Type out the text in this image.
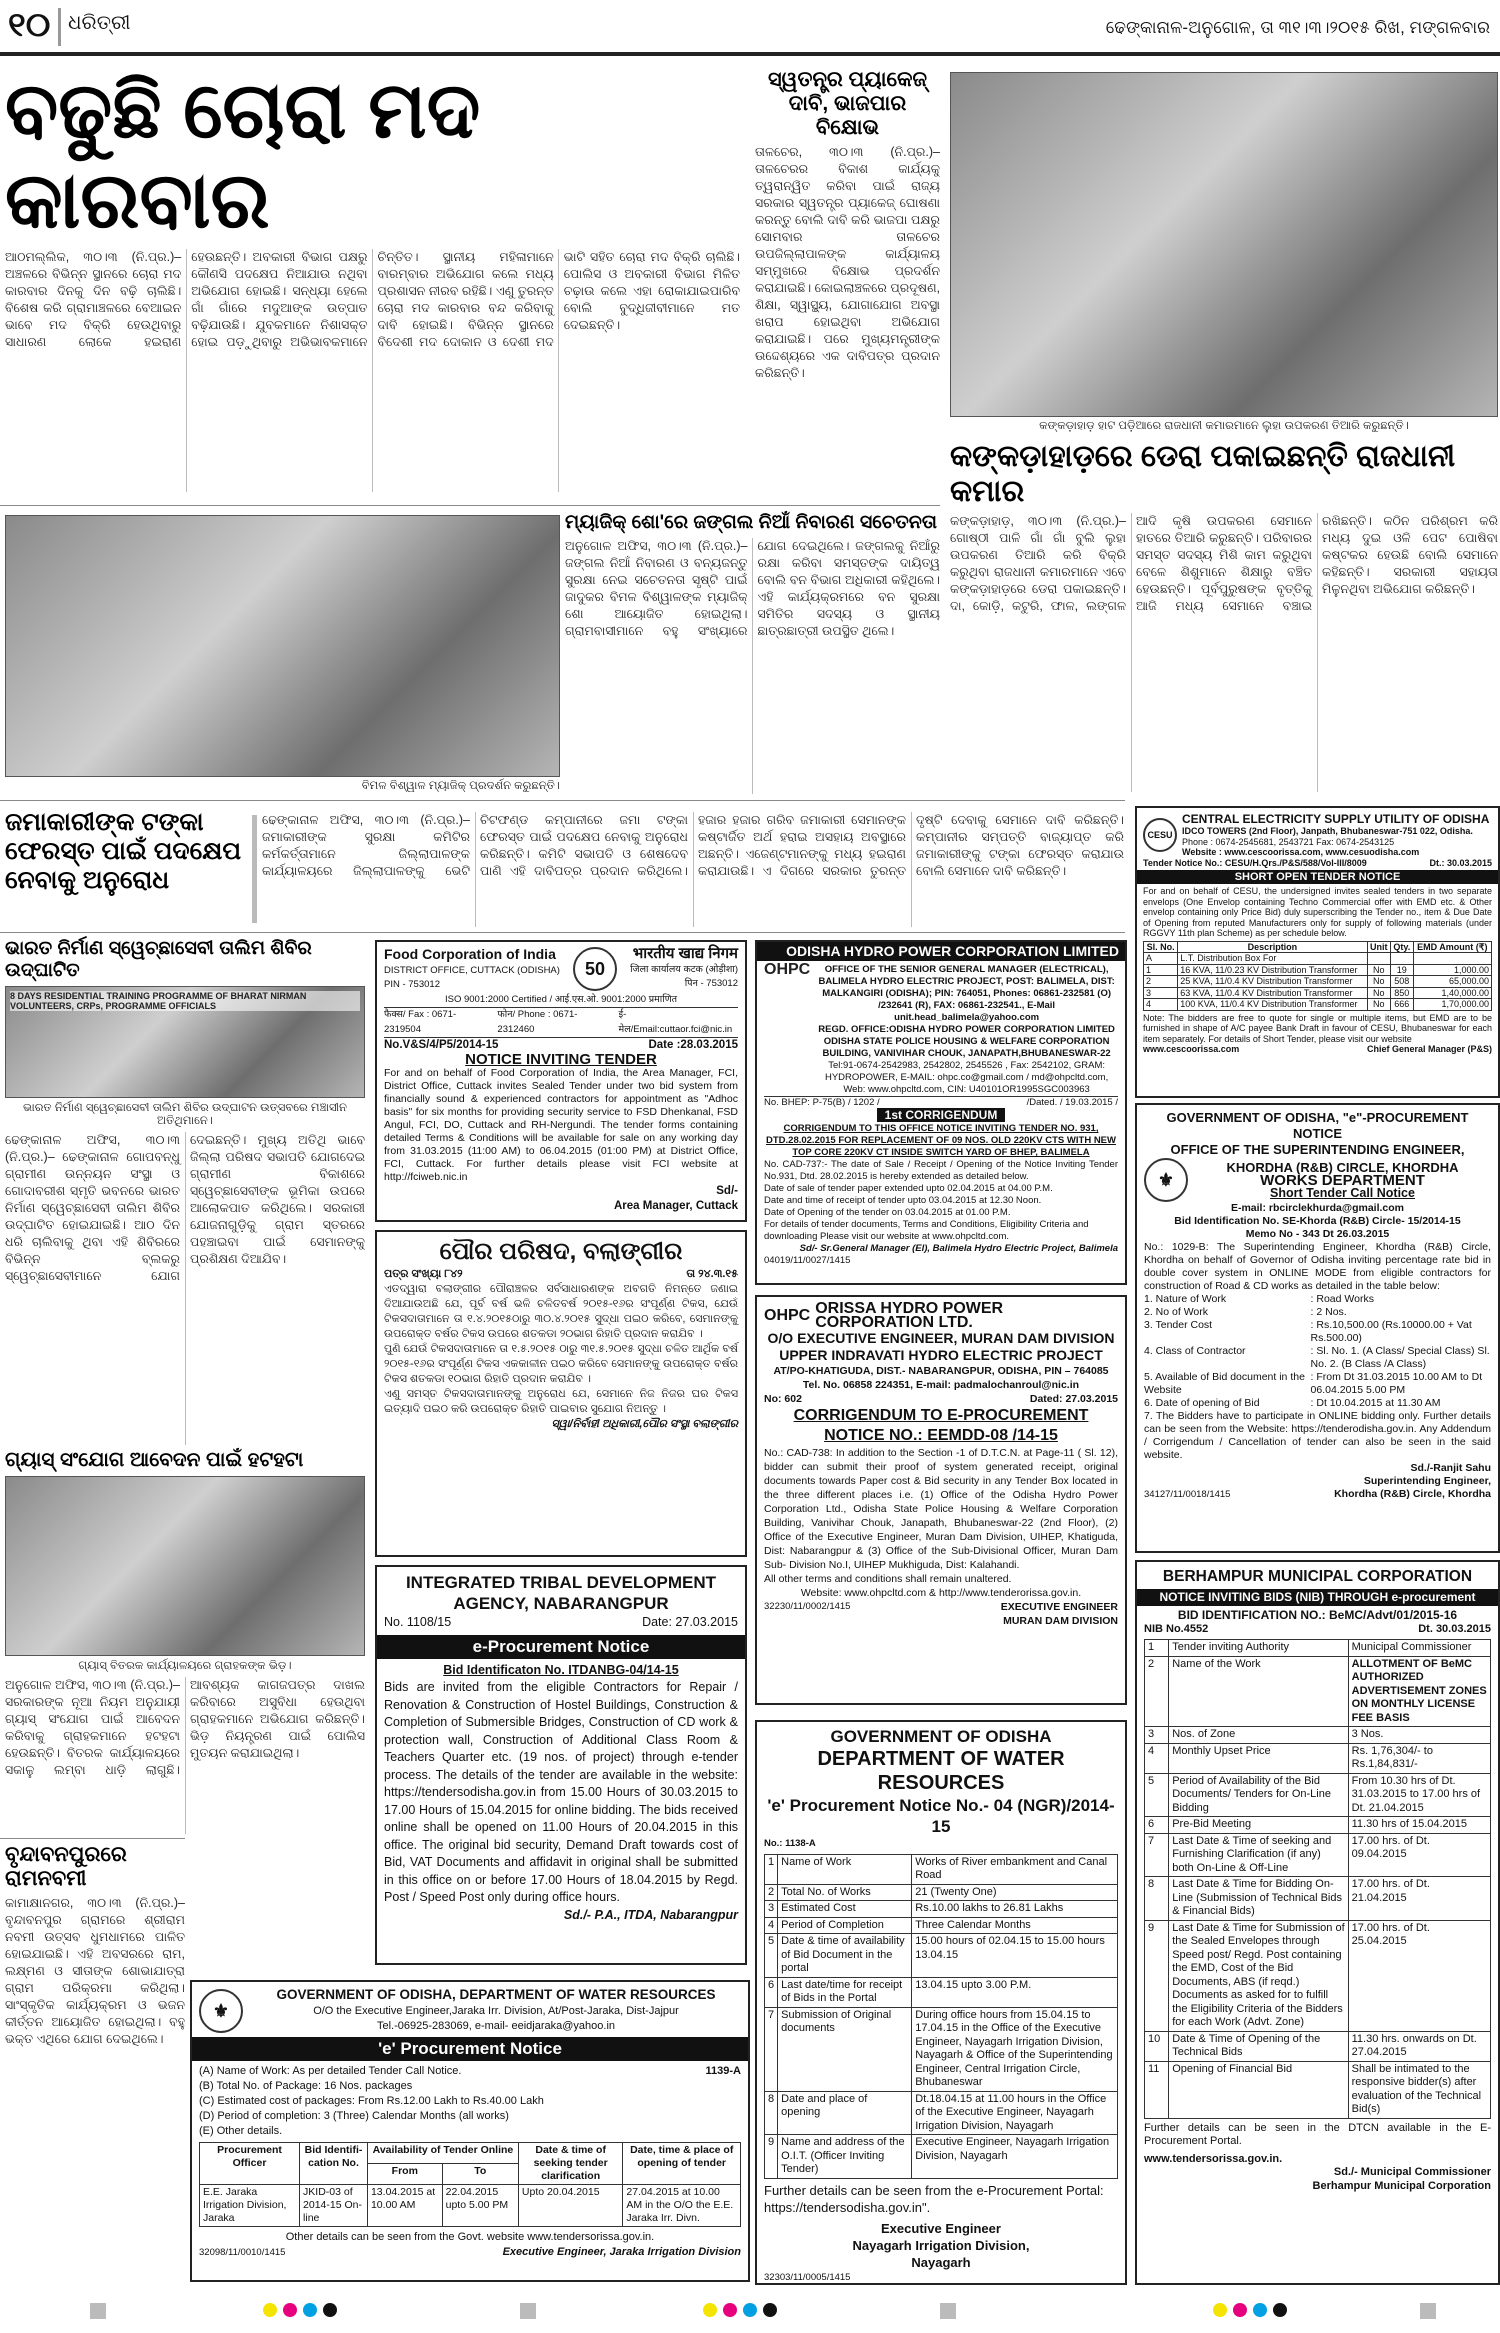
୧୦ ଧରିତ୍ରୀ	ଢେଙ୍କାନାଳ-ଅନୁଗୋଳ, ତା ୩୧।୩।୨୦୧୫ ରିଖ, ମଙ୍ଗଳବାର
ବଢୁଛି ଚୋରା ମଦ କାରବାର
ଆଠମଲ୍ଲିକ, ୩୦।୩ (ନି.ପ୍ର.)– ଅଞ୍ଚଳରେ ବିଭିନ୍ନ ସ୍ଥାନରେ ଚୋରା ମଦ କାରବାର ଦିନକୁ ଦିନ ବଢ଼ି ଚାଲିଛି। ବିଶେଷ କରି ଗ୍ରାମାଞ୍ଚଳରେ ବେଆଇନ ଭାବେ ମଦ ବିକ୍ରି ହେଉଥିବାରୁ ସାଧାରଣ ଲୋକେ ହଇରାଣ ହେଉଛନ୍ତି। ଅବକାରୀ ବିଭାଗ ପକ୍ଷରୁ କୌଣସି ପଦକ୍ଷେପ ନିଆଯାଉ ନଥିବା ଅଭିଯୋଗ ହୋଇଛି। ସନ୍ଧ୍ୟା ହେଲେ ଗାଁ ଗାଁରେ ମଦୁଆଙ୍କ ଉତ୍ପାତ ବଢ଼ିଯାଉଛି। ଯୁବକମାନେ ନିଶାସକ୍ତ ହୋଇ ପଡ଼ୁଥିବାରୁ ଅଭିଭାବକମାନେ ଚିନ୍ତିତ। ସ୍ଥାନୀୟ ମହିଳାମାନେ ବାରମ୍ବାର ଅଭିଯୋଗ କଲେ ମଧ୍ୟ ପ୍ରଶାସନ ନୀରବ ରହିଛି। ଏଣୁ ତୁରନ୍ତ ଚୋରା ମଦ କାରବାର ବନ୍ଦ କରିବାକୁ ଦାବି ହୋଇଛି। ବିଭିନ୍ନ ସ୍ଥାନରେ ବିଦେଶୀ ମଦ ଦୋକାନ ଓ ଦେଶୀ ମଦ ଭାଟି ସହିତ ଚୋରା ମଦ ବିକ୍ରି ଚାଲିଛି। ପୋଲିସ ଓ ଅବକାରୀ ବିଭାଗ ମିଳିତ ଚଢ଼ାଉ କଲେ ଏହା ରୋକାଯାଇପାରିବ ବୋଲି ବୁଦ୍ଧିଜୀବୀମାନେ ମତ ଦେଇଛନ୍ତି।
ସ୍ୱତନ୍ତ୍ର ପ୍ୟାକେଜ୍ ଦାବି, ଭାଜପାର ବିକ୍ଷୋଭ
ତାଳଚେର, ୩୦।୩ (ନି.ପ୍ର.)– ତାଳଚେରର ବିକାଶ କାର୍ଯ୍ୟକୁ ତ୍ୱରାନ୍ୱିତ କରିବା ପାଇଁ ରାଜ୍ୟ ସରକାର ସ୍ୱତନ୍ତ୍ର ପ୍ୟାକେଜ୍ ଘୋଷଣା କରନ୍ତୁ ବୋଲି ଦାବି କରି ଭାଜପା ପକ୍ଷରୁ ସୋମବାର ତାଳଚେର ଉପଜିଲ୍ଲାପାଳଙ୍କ କାର୍ଯ୍ୟାଳୟ ସମ୍ମୁଖରେ ବିକ୍ଷୋଭ ପ୍ରଦର୍ଶନ କରାଯାଇଛି। କୋଇଲାଞ୍ଚଳରେ ପ୍ରଦୂଷଣ, ଶିକ୍ଷା, ସ୍ୱାସ୍ଥ୍ୟ, ଯୋଗାଯୋଗ ଅବସ୍ଥା ଖରାପ ହୋଇଥିବା ଅଭିଯୋଗ କରାଯାଇଛି। ପରେ ମୁଖ୍ୟମନ୍ତ୍ରୀଙ୍କ ଉଦ୍ଦେଶ୍ୟରେ ଏକ ଦାବିପତ୍ର ପ୍ରଦାନ କରିଛନ୍ତି।
କଙ୍କଡ଼ାହାଡ଼ ହାଟ ପଡ଼ିଆରେ ରାଜଧାନୀ କମାରମାନେ ଲୁହା ଉପକରଣ ତିଆରି କରୁଛନ୍ତି।
କଙ୍କଡ଼ାହାଡ଼ରେ ଡେରା ପକାଇଛନ୍ତି ରାଜଧାନୀ କମାର
କଙ୍କଡ଼ାହାଡ଼, ୩୦।୩ (ନି.ପ୍ର.)– ଗୋଷ୍ଠୀ ପାଳି ଗାଁ ଗାଁ ବୁଲି ଲୁହା ଉପକରଣ ତିଆରି କରି ବିକ୍ରି କରୁଥିବା ରାଜଧାନୀ କମାରମାନେ ଏବେ କଙ୍କଡ଼ାହାଡ଼ରେ ଡେରା ପକାଇଛନ୍ତି। ଦା, କୋଡ଼ି, କଟୁରି, ଫାଳ, ଲଙ୍ଗଳ ଆଦି କୃଷି ଉପକରଣ ସେମାନେ ହାତରେ ତିଆରି କରୁଛନ୍ତି। ପରିବାରର ସମସ୍ତ ସଦସ୍ୟ ମିଶି କାମ କରୁଥିବା ବେଳେ ଶିଶୁମାନେ ଶିକ୍ଷାରୁ ବଞ୍ଚିତ ହେଉଛନ୍ତି। ପୂର୍ବପୁରୁଷଙ୍କ ବୃତ୍ତିକୁ ଆଜି ମଧ୍ୟ ସେମାନେ ବଞ୍ଚାଇ ରଖିଛନ୍ତି। କଠିନ ପରିଶ୍ରମ କରି ମଧ୍ୟ ଦୁଇ ଓଳି ପେଟ ପୋଷିବା କଷ୍ଟକର ହେଉଛି ବୋଲି ସେମାନେ କହିଛନ୍ତି। ସରକାରୀ ସହାୟତା ମିଳୁନଥିବା ଅଭିଯୋଗ କରିଛନ୍ତି।
ବିମଳ ବିଶ୍ୱାଳ ମ୍ୟାଜିକ୍ ପ୍ରଦର୍ଶନ କରୁଛନ୍ତି।
ମ୍ୟାଜିକ୍ ଶୋ'ରେ ଜଙ୍ଗଲ ନିଆଁ ନିବାରଣ ସଚେତନତା
ଅନୁଗୋଳ ଅଫିସ, ୩୦।୩ (ନି.ପ୍ର.)– ଜଙ୍ଗଲ ନିଆଁ ନିବାରଣ ଓ ବନ୍ୟଜନ୍ତୁ ସୁରକ୍ଷା ନେଇ ସଚେତନତା ସୃଷ୍ଟି ପାଇଁ ଜାଦୁକର ବିମଳ ବିଶ୍ୱାଳଙ୍କ ମ୍ୟାଜିକ୍ ଶୋ ଆୟୋଜିତ ହୋଇଥିଲା। ଗ୍ରାମବାସୀମାନେ ବହୁ ସଂଖ୍ୟାରେ ଯୋଗ ଦେଇଥିଲେ। ଜଙ୍ଗଲକୁ ନିଆଁରୁ ରକ୍ଷା କରିବା ସମସ୍ତଙ୍କ ଦାୟିତ୍ୱ ବୋଲି ବନ ବିଭାଗ ଅଧିକାରୀ କହିଥିଲେ। ଏହି କାର୍ଯ୍ୟକ୍ରମରେ ବନ ସୁରକ୍ଷା ସମିତିର ସଦସ୍ୟ ଓ ସ୍ଥାନୀୟ ଛାତ୍ରଛାତ୍ରୀ ଉପସ୍ଥିତ ଥିଲେ।
ଜମାକାରୀଙ୍କ ଟଙ୍କା ଫେରସ୍ତ ପାଇଁ ପଦକ୍ଷେପ ନେବାକୁ ଅନୁରୋଧ
ଢେଙ୍କାନାଳ ଅଫିସ, ୩୦।୩ (ନି.ପ୍ର.)– ଜମାକାରୀଙ୍କ ସୁରକ୍ଷା କମିଟିର କର୍ମକର୍ତ୍ତାମାନେ ଜିଲ୍ଲାପାଳଙ୍କ କାର୍ଯ୍ୟାଳୟରେ ଜିଲ୍ଲାପାଳଙ୍କୁ ଭେଟି ଚିଟଫଣ୍ଡ କମ୍ପାନୀରେ ଜମା ଟଙ୍କା ଫେରସ୍ତ ପାଇଁ ପଦକ୍ଷେପ ନେବାକୁ ଅନୁରୋଧ କରିଛନ୍ତି। କମିଟି ସଭାପତି ଓ ଶେଷଦେବ ପାଣି ଏହି ଦାବିପତ୍ର ପ୍ରଦାନ କରିଥିଲେ। ହଜାର ହଜାର ଗରିବ ଜମାକାରୀ ସେମାନଙ୍କ କଷ୍ଟାର୍ଜିତ ଅର୍ଥ ହରାଇ ଅସହାୟ ଅବସ୍ଥାରେ ଅଛନ୍ତି। ଏଜେଣ୍ଟମାନଙ୍କୁ ମଧ୍ୟ ହଇରାଣ କରାଯାଉଛି। ଏ ଦିଗରେ ସରକାର ତୁରନ୍ତ ଦୃଷ୍ଟି ଦେବାକୁ ସେମାନେ ଦାବି କରିଛନ୍ତି। କମ୍ପାନୀର ସମ୍ପତ୍ତି ବାଜ୍ୟାପ୍ତ କରି ଜମାକାରୀଙ୍କୁ ଟଙ୍କା ଫେରସ୍ତ କରାଯାଉ ବୋଲି ସେମାନେ ଦାବି କରିଛନ୍ତି।
ଭାରତ ନିର୍ମାଣ ସ୍ୱେଚ୍ଛାସେବୀ ତାଲିମ ଶିବିର ଉଦ୍‌ଘାଟିତ
8 DAYS RESIDENTIAL TRAINING PROGRAMME OF BHARAT NIRMAN VOLUNTEERS, CRPs, PROGRAMME OFFICIALS
ଭାରତ ନିର୍ମାଣ ସ୍ୱେଚ୍ଛାସେବୀ ତାଲିମ ଶିବିର ଉଦ୍‌ଘାଟନ ଉତ୍ସବରେ ମଞ୍ଚାସୀନ ଅତିଥିମାନେ।
ଢେଙ୍କାନାଳ ଅଫିସ, ୩୦।୩ (ନି.ପ୍ର.)– ଢେଙ୍କାନାଳ ଗୋପବନ୍ଧୁ ଗ୍ରାମୀଣ ଉନ୍ନୟନ ସଂସ୍ଥା ଓ ଗୋଦାବରୀଶ ସ୍ମୃତି ଭବନରେ ଭାରତ ନିର୍ମାଣ ସ୍ୱେଚ୍ଛାସେବୀ ତାଲିମ ଶିବିର ଉଦ୍‌ଘାଟିତ ହୋଇଯାଇଛି। ଆଠ ଦିନ ଧରି ଚାଲିବାକୁ ଥିବା ଏହି ଶିବିରରେ ବିଭିନ୍ନ ବ୍ଲକରୁ ସ୍ୱେଚ୍ଛାସେବୀମାନେ ଯୋଗ ଦେଇଛନ୍ତି। ମୁଖ୍ୟ ଅତିଥି ଭାବେ ଜିଲ୍ଲା ପରିଷଦ ସଭାପତି ଯୋଗଦେଇ ଗ୍ରାମୀଣ ବିକାଶରେ ସ୍ୱେଚ୍ଛାସେବୀଙ୍କ ଭୂମିକା ଉପରେ ଆଲୋକପାତ କରିଥିଲେ। ସରକାରୀ ଯୋଜନାଗୁଡ଼ିକୁ ଗ୍ରାମ ସ୍ତରରେ ପହଞ୍ଚାଇବା ପାଇଁ ସେମାନଙ୍କୁ ପ୍ରଶିକ୍ଷଣ ଦିଆଯିବ।
ଗ୍ୟାସ୍ ସଂଯୋଗ ଆବେଦନ ପାଇଁ ହଟହଟା
ଗ୍ୟାସ୍ ବିତରକ କାର୍ଯ୍ୟାଳୟରେ ଗ୍ରାହକଙ୍କ ଭିଡ଼।
ଅନୁଗୋଳ ଅଫିସ, ୩୦।୩ (ନି.ପ୍ର.)– ସରକାରଙ୍କ ନୂଆ ନିୟମ ଅନୁଯାୟୀ ଗ୍ୟାସ୍ ସଂଯୋଗ ପାଇଁ ଆବେଦନ କରିବାକୁ ଗ୍ରାହକମାନେ ହଟହଟା ହେଉଛନ୍ତି। ବିତରକ କାର୍ଯ୍ୟାଳୟରେ ସକାଳୁ ଲମ୍ବା ଧାଡ଼ି ଲାଗୁଛି। ଆବଶ୍ୟକ କାଗଜପତ୍ର ଦାଖଲ କରିବାରେ ଅସୁବିଧା ହେଉଥିବା ଗ୍ରାହକମାନେ ଅଭିଯୋଗ କରିଛନ୍ତି। ଭିଡ଼ ନିୟନ୍ତ୍ରଣ ପାଇଁ ପୋଲିସ ମୁତୟନ କରାଯାଇଥିଲା।
ବୃନ୍ଦାବନପୁରରେ ରାମନବମୀ
କାମାକ୍ଷାନଗର, ୩୦।୩ (ନି.ପ୍ର.)– ବୃନ୍ଦାବନପୁର ଗ୍ରାମରେ ଶ୍ରୀରାମ ନବମୀ ଉତ୍ସବ ଧୁମଧାମରେ ପାଳିତ ହୋଇଯାଇଛି। ଏହି ଅବସରରେ ରାମ, ଲକ୍ଷ୍ମଣ ଓ ସୀତାଙ୍କ ଶୋଭାଯାତ୍ରା ଗ୍ରାମ ପରିକ୍ରମା କରିଥିଲା। ସାଂସ୍କୃତିକ କାର୍ଯ୍ୟକ୍ରମ ଓ ଭଜନ କୀର୍ତ୍ତନ ଆୟୋଜିତ ହୋଇଥିଲା। ବହୁ ଭକ୍ତ ଏଥିରେ ଯୋଗ ଦେଇଥିଲେ।
Food Corporation of India
DISTRICT OFFICE, CUTTACK (ODISHA)
PIN - 753012
50
भारतीय खाद्य निगम
जिला कार्यालय कटक (ओड़ीशा)
पिन - 753012
ISO 9001:2000 Certified / आई.एस.ओ. 9001:2000 प्रमाणित
फैक्स/ Fax : 0671-2319504
फोन/ Phone : 0671-2312460
ई-मेल/Email:cuttaor.fci@nic.in
No.V&S/4/P5/2014-15	Date :28.03.2015
NOTICE INVITING TENDER

For and on behalf of Food Corporation of India, the Area Manager, FCI, District Office, Cuttack invites Sealed Tender under two bid system from financially sound & experienced contractors for appointment as "Adhoc basis" for six months for providing security service to FSD Dhenkanal, FSD Angul, FCI, DO, Cuttack and RH-Nergundi. The tender forms containing detailed Terms & Conditions will be available for sale on any working day from 31.03.2015 (11:00 AM) to 06.04.2015 (01:00 PM) at District Office, FCI, Cuttack. For further details please visit FCI website at http://fciweb.nic.in

Sd/-
Area Manager, Cuttack
ପୌର ପରିଷଦ, ବଲାଙ୍ଗୀର
ପତ୍ର ସଂଖ୍ୟା ୮୪୨	ତା ୨୪.୩.୧୫

ଏତଦ୍ୱାରା ବଲାଙ୍ଗୀର ପୌରାଞ୍ଚଳର ସର୍ବସାଧାରଣଙ୍କ ଅବଗତି ନିମନ୍ତେ ଜଣାଇ ଦିଆଯାଉଅଛି ଯେ, ପୂର୍ବ ବର୍ଷ ଭଳି ଚଳିତବର୍ଷ ୨୦୧୫-୧୬ର ସଂପୂର୍ଣ୍ଣ ଟିକସ, ଯେଉଁ ଟିକସଦାତାମାନେ ତା ୧.୪.୨୦୧୫ଠାରୁ ୩୦.୪.୨୦୧୫ ସୁଦ୍ଧା ପଇଠ କରିବେ, ସେମାନଙ୍କୁ ଉପରୋକ୍ତ ବର୍ଷର ଟିକସ ଉପରେ ଶତକଡା ୨୦ଭାଗ ରିହାତି ପ୍ରଦାନ କରାଯିବ ।

ପୁଣି ଯେଉଁ ଟିକସଦାତାମାନେ ତା ୧.୫.୨୦୧୫ ଠାରୁ ୩୧.୫.୨୦୧୫ ସୁଦ୍ଧା ଚଳିତ ଆର୍ଥିକ ବର୍ଷ ୨୦୧୫-୧୬ର ସଂପୂର୍ଣ୍ଣ ଟିକସ ଏକକାଳୀନ ପଇଠ କରିବେ ସେମାନଙ୍କୁ ଉପରୋକ୍ତ ବର୍ଷର ଟିକସ ଶତକଡା ୧୦ଭାଗ ରିହାତି ପ୍ରଦାନ କରାଯିବ ।

ଏଣୁ ସମସ୍ତ ଟିକସଦାତାମାନଙ୍କୁ ଅନୁରୋଧ ଯେ, ସେମାନେ ନିଜ ନିଜର ଘର ଟିକସ ଇତ୍ୟାଦି ପଇଠ କରି ଉପରୋକ୍ତ ରିହାତି ପାଇବାର ସୁଯୋଗ ନିଅନ୍ତୁ ।

ସ୍ୱା/ନିର୍ବାହୀ ଅଧିକାରୀ,ପୌର ସଂସ୍ଥା ବଲାଙ୍ଗୀର
INTEGRATED TRIBAL DEVELOPMENT AGENCY, NABARANGPUR
No. 1108/15	Date: 27.03.2015
e-Procurement Notice
Bid Identificaton No. ITDANBG-04/14-15

Bids are invited from the eligible Contractors for Repair / Renovation & Construction of Hostel Buildings, Construction & Completion of Submersible Bridges, Construction of CD work & protection wall, Construction of Additional Class Room & Teachers Quarter etc. (19 nos. of project) through e-tender process. The details of the tender are available in the website: https://tendersodisha.gov.in from 15.00 Hours of 30.03.2015 to 17.00 Hours of 15.04.2015 for online bidding. The bids received online shall be opened on 11.00 Hours of 20.04.2015 in this office. The original bid security, Demand Draft towards cost of Bid, VAT Documents and affidavit in original shall be submitted in this office on or before 17.00 Hours of 18.04.2015 by Regd. Post / Speed Post only during office hours.

Sd./- P.A., ITDA, Nabarangpur
⚜
GOVERNMENT OF ODISHA, DEPARTMENT OF WATER RESOURCES
O/O the Executive Engineer,Jaraka Irr. Division, At/Post-Jaraka, Dist-Jajpur
Tel.-06925-283069, e-mail- eeidjaraka@yahoo.in
'e' Procurement Notice
(A) Name of Work: As per detailed Tender Call Notice.
(B) Total No. of Package: 16 Nos. packages
(C) Estimated cost of packages: From Rs.12.00 Lakh to Rs.40.00 Lakh
(D) Period of completion: 3 (Three) Calendar Months (all works)
(E) Other details.
1139-A
Procurement Officer	Bid Identifi-cation No.	Availability of Tender Online		Date & time of seeking tender clarification	Date, time & place of opening of tender
		From	To		
E.E. Jaraka Irrigation Division, Jaraka	JKID-03 of 2014-15 On-line	13.04.2015 at 10.00 AM	22.04.2015 upto 5.00 PM	Upto 20.04.2015	27.04.2015 at 10.00 AM in the O/O the E.E. Jaraka Irr. Divn.
Other details can be seen from the Govt. website www.tendersorissa.gov.in.
32098/11/0010/1415	Executive Engineer, Jaraka Irrigation Division
ODISHA HYDRO POWER CORPORATION LIMITED
OHPC	OFFICE OF THE SENIOR GENERAL MANAGER (ELECTRICAL), BALIMELA HYDRO ELECTRIC PROJECT, POST: BALIMELA, DIST: MALKANGIRI (ODISHA); PIN: 764051, Phones: 06861-232581 (O) /232641 (R), FAX: 06861-232541., E-Mail unit.head_balimela@yahoo.com
REGD. OFFICE:ODISHA HYDRO POWER CORPORATION LIMITED ODISHA STATE POLICE HOUSING & WELFARE CORPORATION BUILDING, VANIVIHAR CHOUK, JANAPATH,BHUBANESWAR-22
Tel:91-0674-2542983, 2542802, 2545526 , Fax: 2542102, GRAM: HYDROPOWER, E-MAIL: ohpc.co@gmail.com / md@ohpcltd.com, Web: www.ohpcltd.com, CIN: U40101OR1995SGC003963
No. BHEP: P-75(B) / 1202 /	/Dated. / 19.03.2015 /
1st CORRIGENDUM
CORRIGENDUM TO THIS OFFICE NOTICE INVITING TENDER NO. 931, DTD.28.02.2015 FOR REPLACEMENT OF 09 NOS. OLD 220KV CTS WITH NEW TOP CORE 220KV CT INSIDE SWITCH YARD OF BHEP, BALIMELA

No. CAD-737:- The date of Sale / Receipt / Opening of the Notice Inviting Tender No.931, Dtd. 28.02.2015 is hereby extended as detailed below.

Date of sale of tender paper extended upto 02.04.2015 at 04.00 P.M.
Date and time of receipt of tender upto 03.04.2015 at 12.30 Noon.
Date of Opening of the tender on 03.04.2015 at 01.00 P.M.
For details of tender documents, Terms and Conditions, Eligibility Criteria and downloading Please visit our website at www.ohpcltd.com.
Sd/- Sr.General Manager (El), Balimela Hydro Electric Project, Balimela
04019/11/0027/1415
OHPC ORISSA HYDRO POWER CORPORATION LTD.
O/O EXECUTIVE ENGINEER, MURAN DAM DIVISION
UPPER INDRAVATI HYDRO ELECTRIC PROJECT
AT/PO-KHATIGUDA, DIST.- NABARANGPUR, ODISHA, PIN – 764085
Tel. No. 06858 224351, E-mail: padmalochanroul@nic.in
No: 602	Dated: 27.03.2015
CORRIGENDUM TO E-PROCUREMENT
NOTICE NO.: EEMDD-08 /14-15

No.: CAD-738: In addition to the Section -1 of D.T.C.N. at Page-11 ( Sl. 12), bidder can submit their proof of system generated receipt, original documents towards Paper cost & Bid security in any Tender Box located in the three different places i.e. (1) Office of the Odisha Hydro Power Corporation Ltd., Odisha State Police Housing & Welfare Corporation Building, Vanivihar Chouk, Janapath, Bhubaneswar-22 (2nd Floor), (2) Office of the Executive Engineer, Muran Dam Division, UIHEP, Khatiguda, Dist: Nabarangpur & (3) Office of the Sub-Divisional Officer, Muran Dam Sub- Division No.I, UIHEP Mukhiguda, Dist: Kalahandi.

All other terms and conditions shall remain unaltered.
Website: www.ohpcltd.com & http://www.tenderorissa.gov.in.
32230/11/0002/1415	EXECUTIVE ENGINEER
MURAN DAM DIVISION
GOVERNMENT OF ODISHA
DEPARTMENT OF WATER RESOURCES
'e' Procurement Notice No.- 04 (NGR)/2014-15
No.: 1138-A
1	Name of Work	Works of River embankment and Canal Road
2	Total No. of Works	21 (Twenty One)
3	Estimated Cost	Rs.10.00 lakhs to 26.81 Lakhs
4	Period of Completion	Three Calendar Months
5	Date & time of availability of Bid Document in the portal	15.00 hours of 02.04.15 to 15.00 hours 13.04.15
6	Last date/time for receipt of Bids in the Portal	13.04.15 upto 3.00 P.M.
7	Submission of Original documents	During office hours from 15.04.15 to 17.04.15 in the Office of the Executive Engineer, Nayagarh Irrigation Division, Nayagarh & Office of the Superintending Engineer, Central Irrigation Circle, Bhubaneswar
8	Date and place of opening	Dt.18.04.15 at 11.00 hours in the Office of the Executive Engineer, Nayagarh Irrigation Division, Nayagarh
9	Name and address of the O.I.T. (Officer Inviting Tender)	Executive Engineer, Nayagarh Irrigation Division, Nayagarh
Further details can be seen from the e-Procurement Portal: https://tendersodisha.gov.in".
Executive Engineer
Nayagarh Irrigation Division,
Nayagarh
32303/11/0005/1415
CESU
CENTRAL ELECTRICITY SUPPLY UTILITY OF ODISHA
IDCO TOWERS (2nd Floor), Janpath, Bhubaneswar-751 022, Odisha.
Phone : 0674-2545681, 2543721 Fax: 0674-2543125
Website : www.cescoorissa.com, www.cesuodisha.com
Tender Notice No.: CESU/H.Qrs./P&S/588/Vol-III/8009	Dt.: 30.03.2015
SHORT OPEN TENDER NOTICE

For and on behalf of CESU, the undersigned invites sealed tenders in two separate envelops (One Envelop containing Techno Commercial offer with EMD etc. & Other envelop containing only Price Bid) duly superscribing the Tender no., item & Due Date of Opening from reputed Manufacturers only for supply of following materials (under RGGVY 11th plan Scheme) as per schedule below.

Sl. No.	Description	Unit	Qty.	EMD Amount (₹)
A	L.T. Distribution Box For			
1	16 KVA, 11/0.23 KV Distribution Transformer	No	19	1,000.00
2	25 KVA, 11/0.4 KV Distribution Transformer	No	508	65,000.00
3	63 KVA, 11/0.4 KV Distribution Transformer	No	850	1,40,000.00
4	100 KVA, 11/0.4 KV Distribution Transformer	No	666	1,70,000.00

Note: The bidders are free to quote for single or multiple items, but EMD are to be furnished in shape of A/C payee Bank Draft in favour of CESU, Bhubaneswar for each item separately. For details of Short Tender, please visit our website

www.cescoorissa.com	Chief General Manager (P&S)
GOVERNMENT OF ODISHA, "e"-PROCUREMENT NOTICE
OFFICE OF THE SUPERINTENDING ENGINEER,
⚜
KHORDHA (R&B) CIRCLE, KHORDHA
WORKS DEPARTMENT
Short Tender Call Notice
E-mail: rbcirclekhurda@gmail.com
Bid Identification No. SE-Khorda (R&B) Circle- 15/2014-15
Memo No - 343 Dt 26.03.2015

No.: 1029-B: The Superintending Engineer, Khordha (R&B) Circle, Khordha on behalf of Governor of Odisha inviting percentage rate bid in double cover system in ONLINE MODE from eligible contractors for construction of Road & CD works as detailed in the table below:

1. Nature of Work	: Road Works
2. No of Work	: 2 Nos.
3. Tender Cost	: Rs.10,500.00 (Rs.10000.00 + Vat Rs.500.00)
4. Class of Contractor	: Sl. No. 1. (A Class/ Special Class) Sl. No. 2. (B Class /A Class)
5. Available of Bid document in the Website
: From Dt 31.03.2015 10.00 AM to Dt 06.04.2015 5.00 PM
6. Date of opening of Bid	: Dt 10.04.2015 at 11.30 AM

7. The Bidders have to participate in ONLINE bidding only. Further details can be seen from the Website: https://tenderodisha.gov.in. Any Addendum / Corrigendum / Cancellation of tender can also be seen in the said website.

34127/11/0018/1415
Sd./-Ranjit Sahu
Superintending Engineer,
Khordha (R&B) Circle, Khordha
BERHAMPUR MUNICIPAL CORPORATION
NOTICE INVITING BIDS (NIB) THROUGH e-procurement
BID IDENTIFICATION NO.: BeMC/Advt/01/2015-16
NIB No.4552	Dt. 30.03.2015
1	Tender inviting Authority	Municipal Commissioner
2	Name of the Work	ALLOTMENT OF BeMC AUTHORIZED ADVERTISEMENT ZONES ON MONTHLY LICENSE FEE BASIS
3	Nos. of Zone	3 Nos.
4	Monthly Upset Price	Rs. 1,76,304/- to Rs.1,84,831/-
5	Period of Availability of the Bid Documents/ Tenders for On-Line Bidding	From 10.30 hrs of Dt. 31.03.2015 to 17.00 hrs of Dt. 21.04.2015
6	Pre-Bid Meeting	11.30 hrs of 15.04.2015
7	Last Date & Time of seeking and Furnishing Clarification (if any) both On-Line & Off-Line	17.00 hrs. of Dt. 09.04.2015
8	Last Date & Time for Bidding On-Line (Submission of Technical Bids & Financial Bids)	17.00 hrs. of Dt. 21.04.2015
9	Last Date & Time for Submission of the Sealed Envelopes through Speed post/ Regd. Post containing the EMD, Cost of the Bid Documents, ABS (if reqd.) Documents as asked for to fulfill the Eligibility Criteria of the Bidders for each Work (Advt. Zone)	17.00 hrs. of Dt. 25.04.2015
10	Date & Time of Opening of the Technical Bids	11.30 hrs. onwards on Dt. 27.04.2015
11	Opening of Financial Bid	Shall be intimated to the responsive bidder(s) after evaluation of the Technical Bid(s)

Further details can be seen in the DTCN available in the E-Procurement Portal.

www.tendersorissa.gov.in.
Sd./- Municipal Commissioner
Berhampur Municipal Corporation
